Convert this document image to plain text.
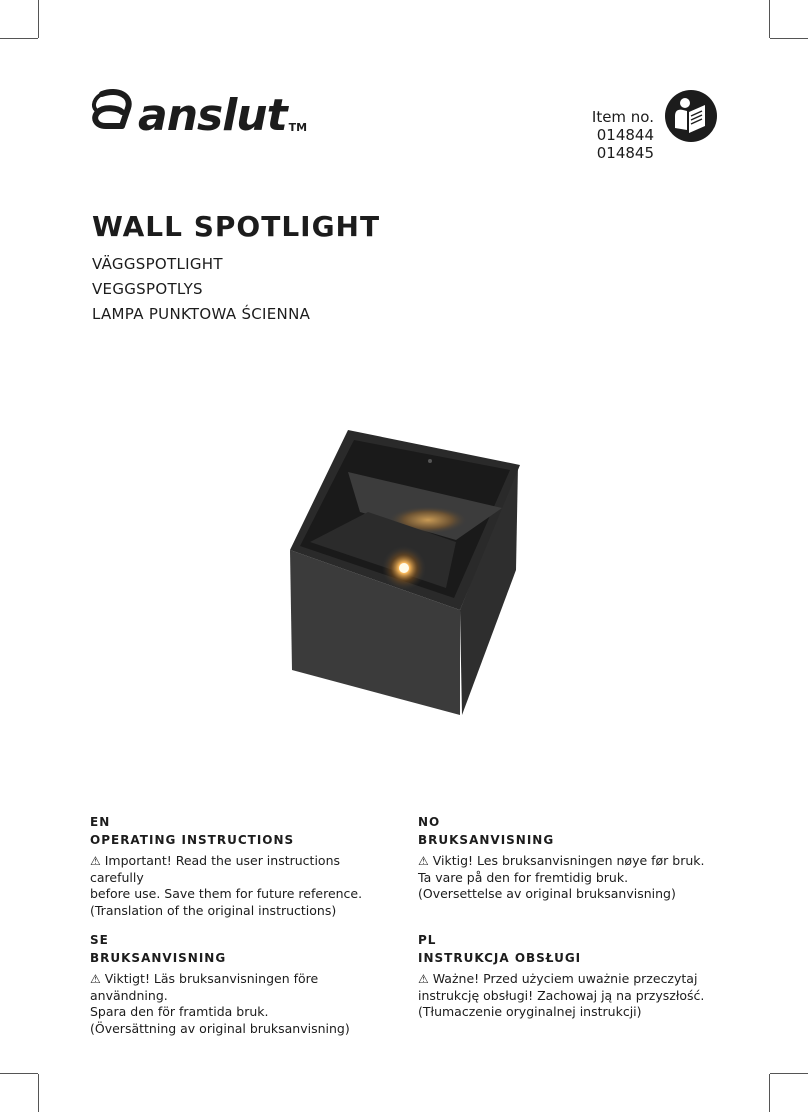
anslut TM
Item no.
014844
014845
WALL SPOTLIGHT
VÄGGSPOTLIGHT
VEGGSPOTLYS
LAMPA PUNKTOWA ŚCIENNA
EN
OPERATING INSTRUCTIONS
⚠ Important! Read the user instructions carefully
before use. Save them for future reference.
(Translation of the original instructions)
NO
BRUKSANVISNING
⚠ Viktig! Les bruksanvisningen nøye før bruk.
Ta vare på den for fremtidig bruk.
(Oversettelse av original bruksanvisning)
SE
BRUKSANVISNING
⚠ Viktigt! Läs bruksanvisningen före användning.
Spara den för framtida bruk.
(Översättning av original bruksanvisning)
PL
INSTRUKCJA OBSŁUGI
⚠ Ważne! Przed użyciem uważnie przeczytaj
instrukcję obsługi! Zachowaj ją na przyszłość.
(Tłumaczenie oryginalnej instrukcji)
